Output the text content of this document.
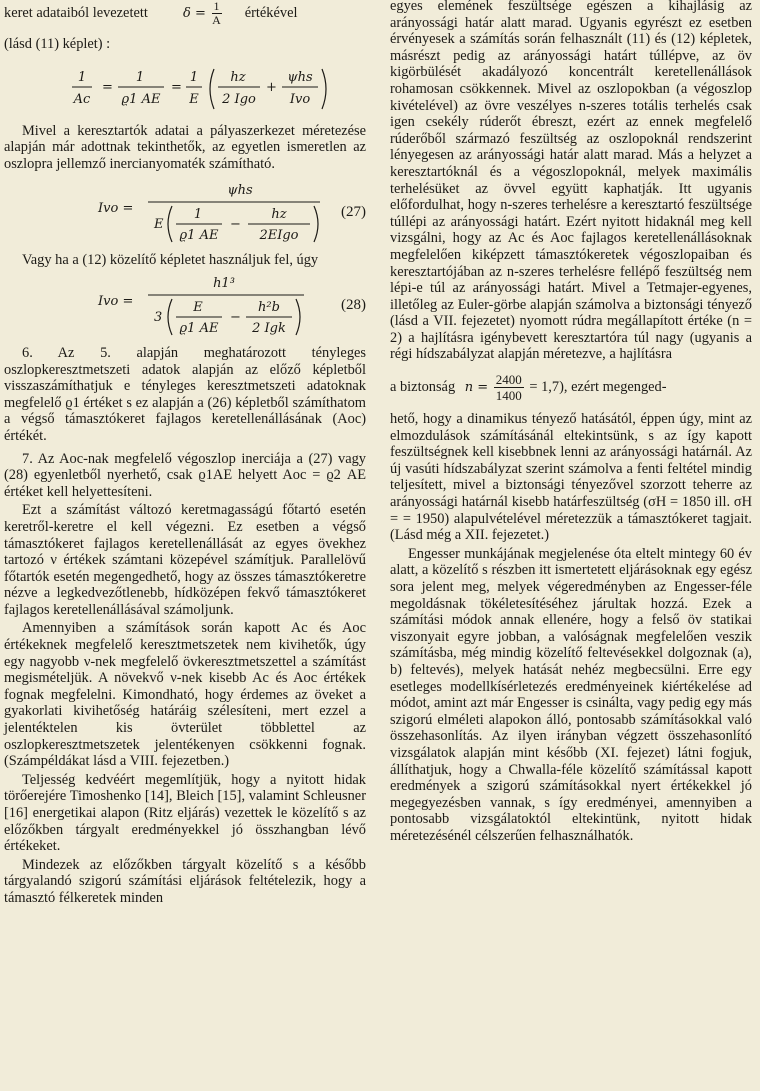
keret adataiból levezetett	$\delta = \frac{1}{A}$ értékével

(lásd (11) képlet) :

1
Ac
=
1
ϱ1 AE
=
1
E
hz
2 Igo
+
ψhs
Ivo

Mivel a keresztartók adatai a pályaszerkezet méretezése alapján már adottnak tekinthetők, az egyetlen ismeretlen az oszlopra jellemző inercianyomaték számítható.

Ivo =
ψhs
E
1
ϱ1 AE
−
hz
2EIgo
(27)

Vagy ha a (12) közelítő képletet használjuk fel, úgy

Ivo =
h1³
3
E
ϱ1 AE
−
h²b
2 Igk
(28)

6. Az 5. alapján meghatározott tényleges oszlopkeresztmetszeti adatok alapján az előző képletből visszaszámíthatjuk e tényleges keresztmetszeti adatoknak megfelelő ϱ1 értéket s ez alapján a (26) képletből számíthatom a végső támasztókeret fajlagos keretellenállásának (Aoc) értékét.

7. Az Aoc-nak megfelelő végoszlop inerciája a (27) vagy (28) egyenletből nyerhető, csak ϱ1AE helyett Aoc = ϱ2 AE értéket kell helyettesíteni.

Ezt a számítást változó keretmagasságú főtartó esetén keretről-keretre el kell végezni. Ez esetben a végső támasztókeret fajlagos keretellenállását az egyes övekhez tartozó ν értékek számtani közepével számítjuk. Parallelövű főtartók esetén megengedhető, hogy az összes támasztókeretre nézve a legkedvezőtlenebb, hídközépen fekvő támasztókeret fajlagos keretellenállásával számoljunk.

Amennyiben a számítások során kapott Ac és Aoc értékeknek megfelelő keresztmetszetek nem kivihetők, úgy egy nagyobb ν-nek megfelelő övkeresztmetszettel a számítást megismételjük. A növekvő ν-nek kisebb Ac és Aoc értékek fognak megfelelni. Kimondható, hogy érdemes az öveket a gyakorlati kivihetőség határáig szélesíteni, mert ezzel a jelentéktelen kis övterület többlettel az oszlopkeresztmetszetek jelentékenyen csökkenni fognak. (Számpéldákat lásd a VIII. fejezetben.)

Teljesség kedvéért megemlítjük, hogy a nyitott hidak törőerejére Timoshenko [14], Bleich [15], valamint Schleusner [16] energetikai alapon (Ritz eljárás) vezettek le közelítő s az előzőkben tárgyalt eredményekkel jó összhangban lévő értékeket.

Mindezek az előzőkben tárgyalt közelítő s a később tárgyalandó szigorú számítási eljárások feltételezik, hogy a támasztó félkeretek minden

egyes elemének feszültsége egészen a kihajlásig az arányossági határ alatt marad. Ugyanis egyrészt ez esetben érvényesek a számítás során felhasznált (11) és (12) képletek, másrészt pedig az arányossági határt túllépve, az öv kigörbülését akadályozó koncentrált keretellenállások rohamosan csökkennek. Mivel az oszlopokban (a végoszlop kivételével) az övre veszélyes n-szeres totális terhelés csak igen csekély rúderőt ébreszt, ezért az ennek megfelelő rúderőből származó feszültség az oszlopoknál rendszerint lényegesen az arányossági határ alatt marad. Más a helyzet a keresztartóknál és a végoszlopoknál, melyek maximális terhelésüket az övvel együtt kaphatják. Itt ugyanis előfordulhat, hogy n-szeres terhelésre a keresztartó feszültsége túllépi az arányossági határt. Ezért nyitott hidaknál meg kell vizsgálni, hogy az Ac és Aoc fajlagos keretellenállásoknak megfelelően kiképzett támasztókeretek végoszlopaiban és keresztartójában az n-szeres terhelésre fellépő feszültség nem lépi-e túl az arányossági határt. Mivel a Tetmajer-egyenes, illetőleg az Euler-görbe alapján számolva a biztonsági tényező (lásd a VII. fejezetet) nyomott rúdra megállapított értéke (n = 2) a hajlításra igénybevett keresztartóra túl nagy (ugyanis a régi hídszabályzat alapján méretezve, a hajlításra

a biztonság $n = \frac{2400}{1400} = 1,7$), ezért megenged-

hető, hogy a dinamikus tényező hatásától, éppen úgy, mint az elmozdulások számításánál eltekintsünk, s az így kapott feszültségnek kell kisebbnek lenni az arányossági határnál. Az új vasúti hídszabályzat szerint számolva a fenti feltétel mindig teljesített, mivel a biztonsági tényezővel szorzott teherre az arányossági határnál kisebb határfeszültség (σH = 1850 ill. σH = = 1950) alapulvételével méretezzük a támasztókeret tagjait. (Lásd még a XII. fejezetet.)

Engesser munkájának megjelenése óta eltelt mintegy 60 év alatt, a közelítő s részben itt ismertetett eljárásoknak egy egész sora jelent meg, melyek végeredményben az Engesser-féle megoldásnak tökéletesítéséhez járultak hozzá. Ezek a számítási módok annak ellenére, hogy a felső öv statikai viszonyait egyre jobban, a valóságnak megfelelően veszik számításba, még mindig közelítő feltevésekkel dolgoznak (a), b) feltevés), melyek hatását nehéz megbecsülni. Erre egy esetleges modellkísérletezés eredményeinek kiértékelése ad módot, amint azt már Engesser is csinálta, vagy pedig egy más szigorú elméleti alapokon álló, pontosabb számításokkal való összehasonlítás. Az ilyen irányban végzett összehasonlító vizsgálatok alapján mint később (XI. fejezet) látni fogjuk, állíthatjuk, hogy a Chwalla-féle közelítő számítással kapott eredmények a szigorú számításokkal nyert értékekkel jó megegyezésben vannak, s így eredményei, amennyiben a pontosabb vizsgálatoktól eltekintünk, nyitott hidak méretezésénél célszerűen felhasználhatók.
